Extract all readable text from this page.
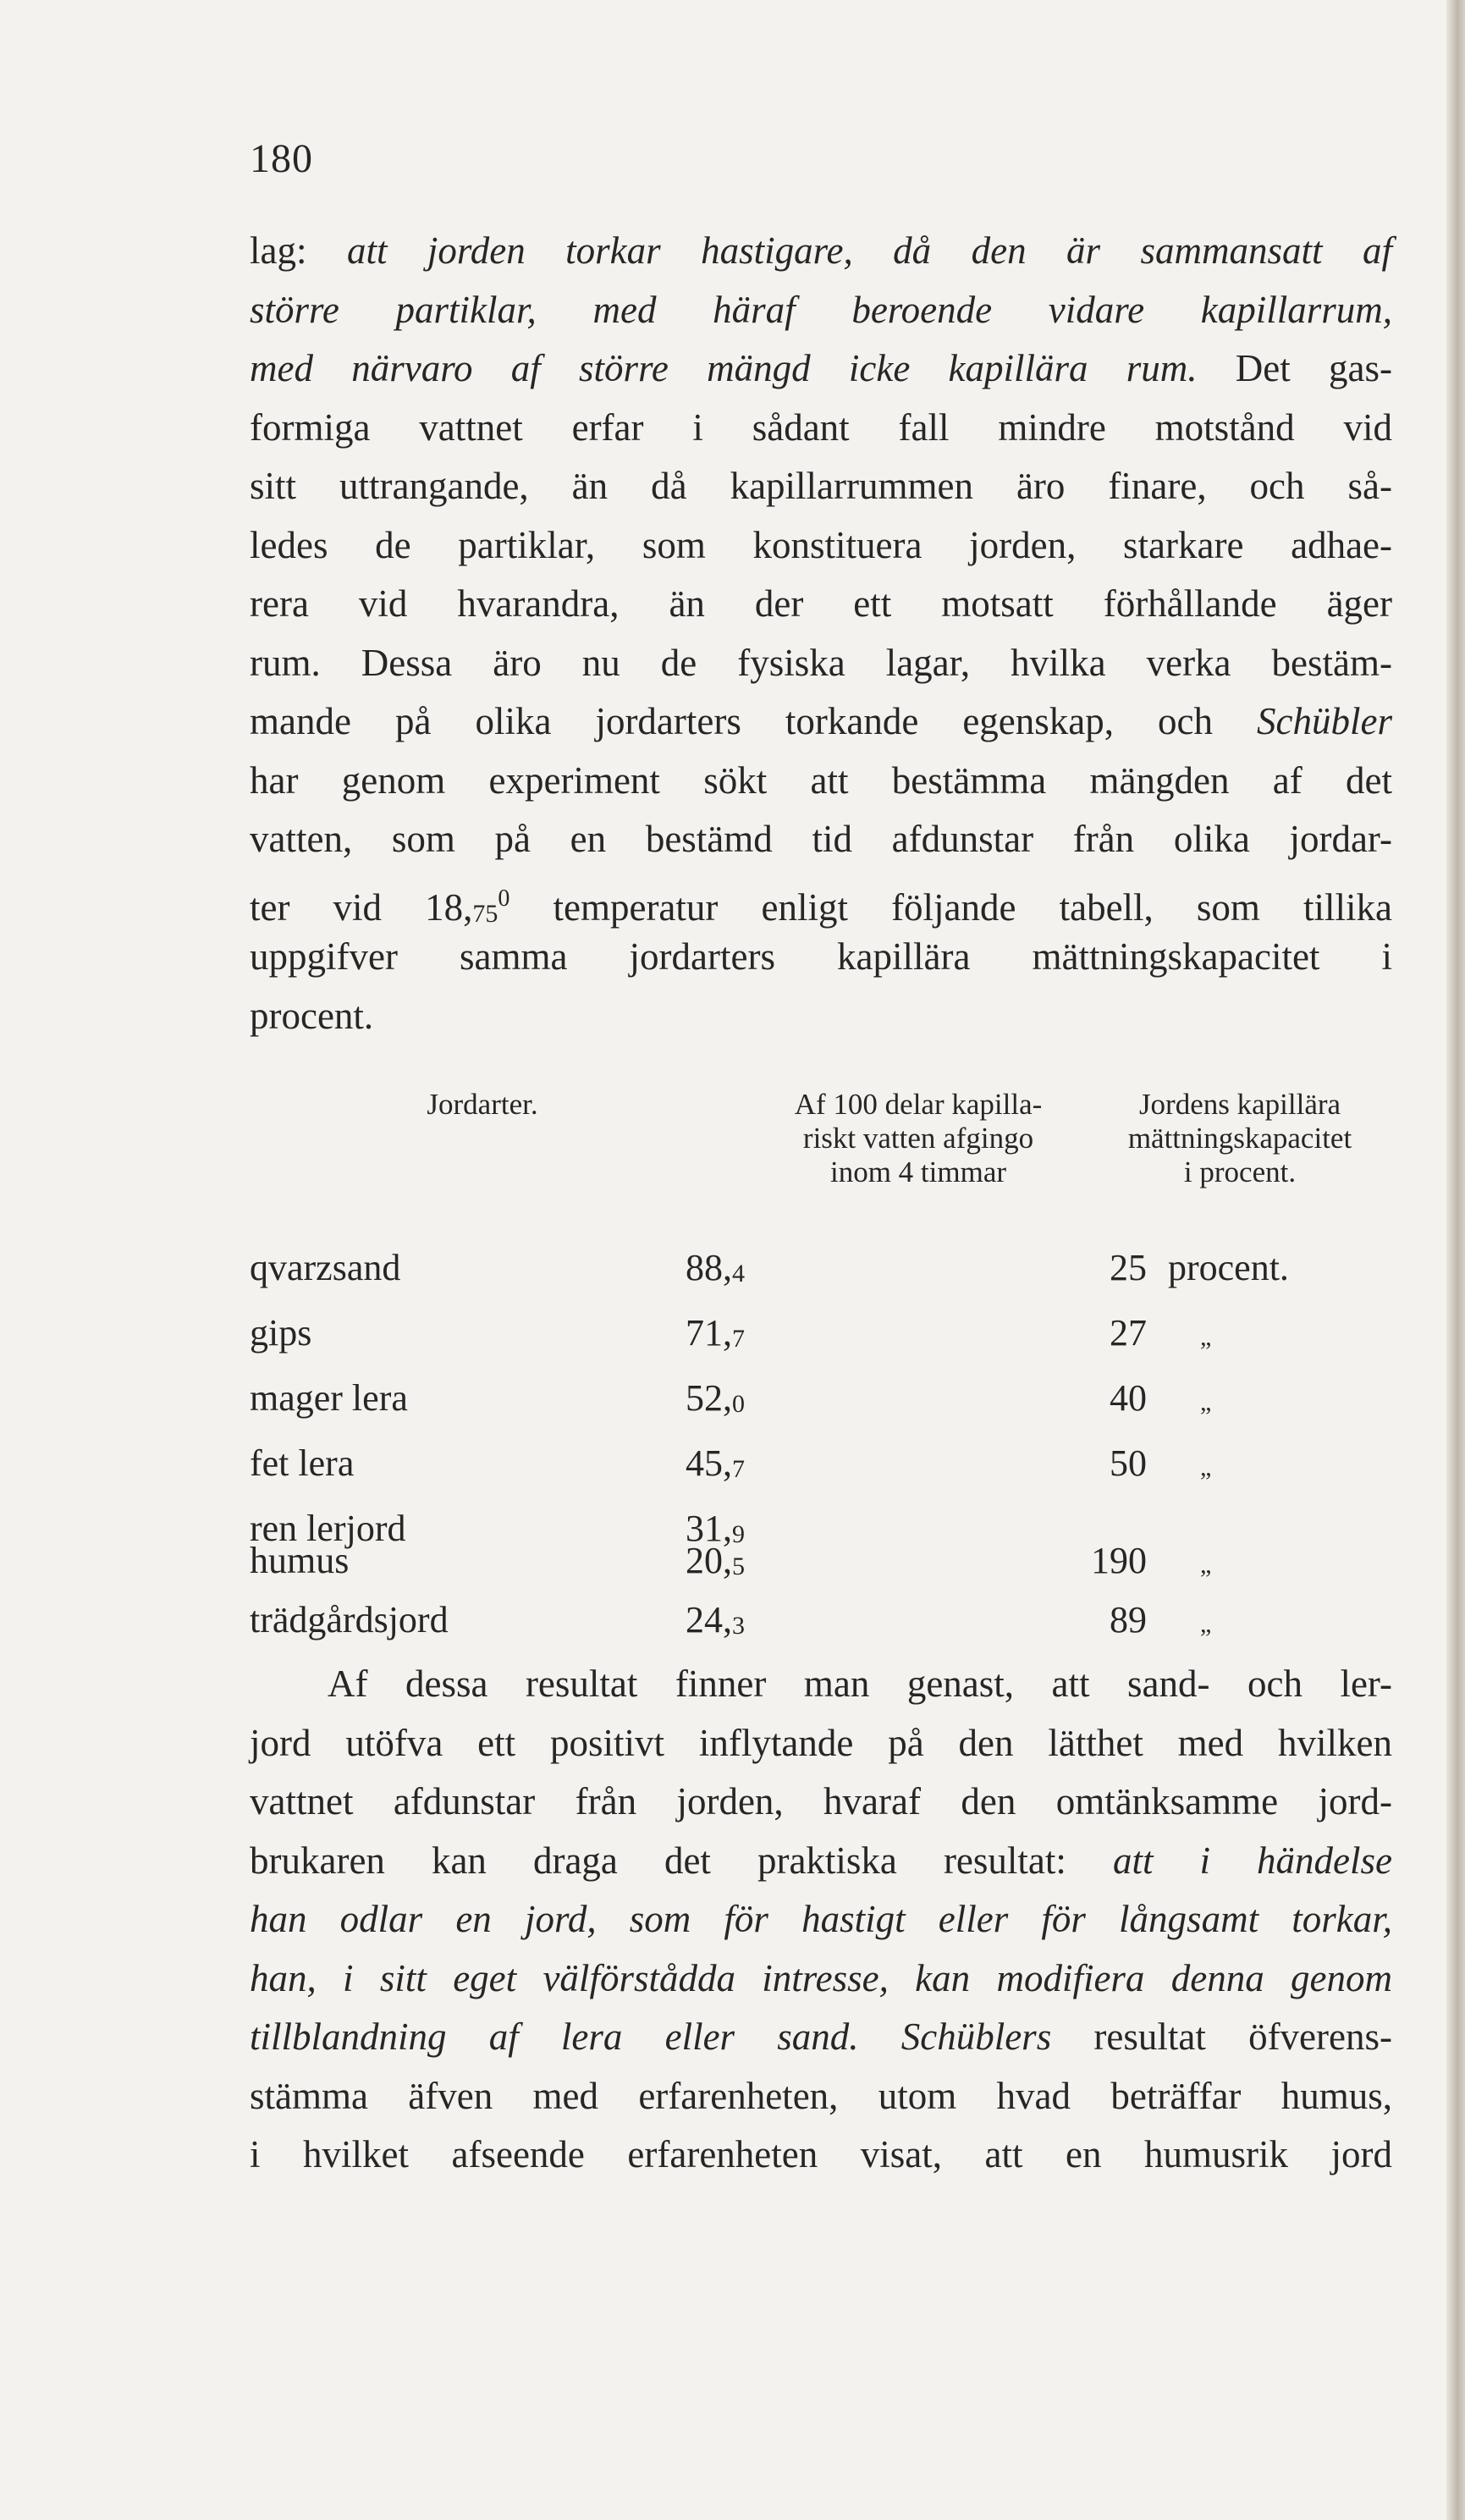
180
lag: att jorden torkar hastigare, då den är sammansatt af
större partiklar, med häraf beroende vidare kapillarrum,
med närvaro af större mängd icke kapillära rum. Det gas-
formiga vattnet erfar i sådant fall mindre motstånd vid
sitt uttrangande, än då kapillarrummen äro finare, och så-
ledes de partiklar, som konstituera jorden, starkare adhae-
rera vid hvarandra, än der ett motsatt förhållande äger
rum. Dessa äro nu de fysiska lagar, hvilka verka bestäm-
mande på olika jordarters torkande egenskap, och Schübler
har genom experiment sökt att bestämma mängden af det
vatten, som på en bestämd tid afdunstar från olika jordar-
ter vid 18,75$^0$ temperatur enligt följande tabell, som tillika
uppgifver samma jordarters kapillära mättningskapacitet i
procent.
Jordarter.	Af 100 delar kapilla-
riskt vatten afgingo
inom 4 timmar
Jordens kapillära
mättningskapacitet
i procent.
qvarzsand	88,4	25 procent.
gips	71,7	27 „
mager lera	52,0	40 „
fet lera	45,7	50 „
ren lerjord	31,9
humus	20,5	190 „
trädgårdsjord	24,3	89 „
Af dessa resultat finner man genast, att sand- och ler-
jord utöfva ett positivt inflytande på den lätthet med hvilken
vattnet afdunstar från jorden, hvaraf den omtänksamme jord-
brukaren kan draga det praktiska resultat: att i händelse
han odlar en jord, som för hastigt eller för långsamt torkar,
han, i sitt eget välförstådda intresse, kan modifiera denna genom
tillblandning af lera eller sand. Schüblers resultat öfverens-
stämma äfven med erfarenheten, utom hvad beträffar humus,
i hvilket afseende erfarenheten visat, att en humusrik jord
